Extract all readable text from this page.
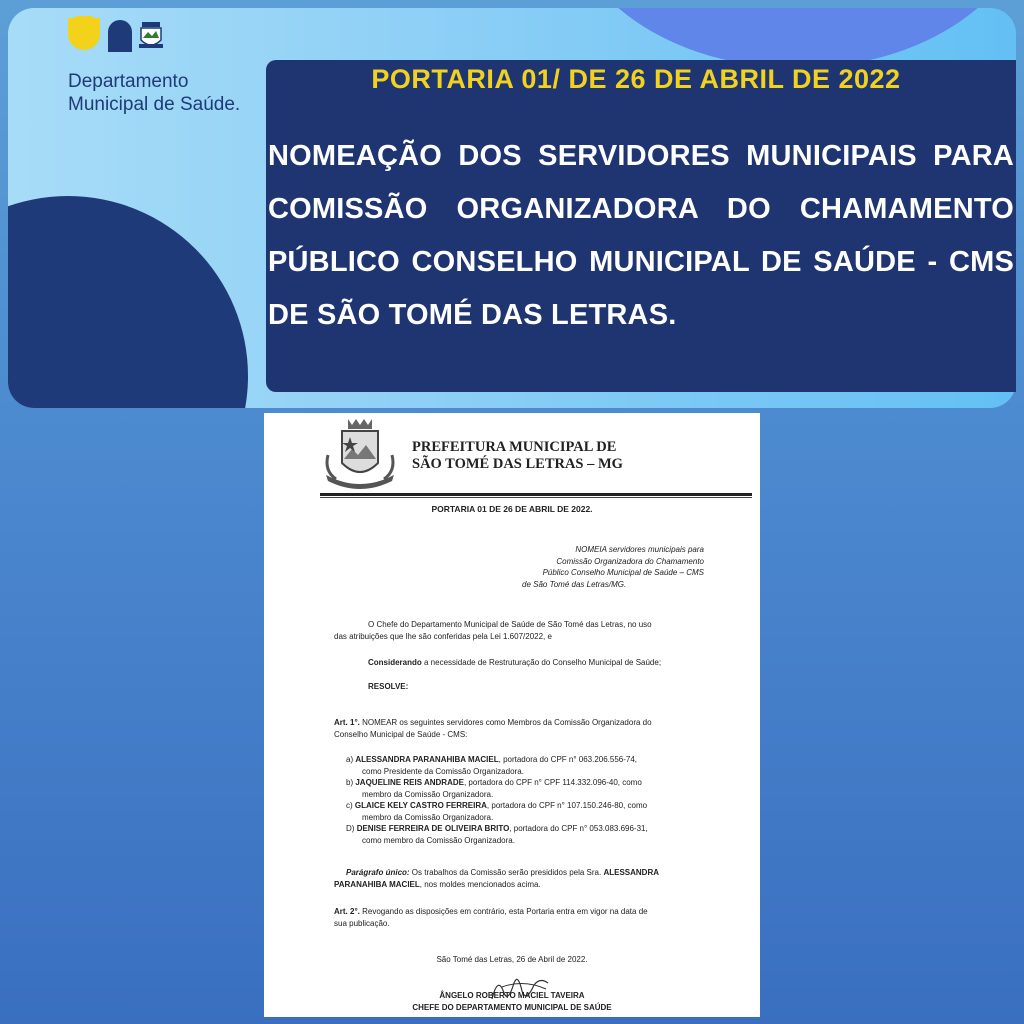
Departamento
Municipal de Saúde.
PORTARIA 01/ DE 26 DE ABRIL DE 2022
NOMEAÇÃO DOS SERVIDORES MUNICIPAIS PARA COMISSÃO ORGANIZADORA DO CHAMAMENTO PÚBLICO CONSELHO MUNICIPAL DE SAÚDE - CMS DE SÃO TOMÉ DAS LETRAS.
PREFEITURA MUNICIPAL DE
SÃO TOMÉ DAS LETRAS – MG
PORTARIA 01 DE 26 DE ABRIL DE 2022.
NOMEIA servidores municipais para
Comissão Organizadora do Chamamento
Público Conselho Municipal de Saúde – CMS
de São Tomé das Letras/MG.
O Chefe do Departamento Municipal de Saúde de São Tomé das Letras, no uso
das atribuições que lhe são conferidas pela Lei 1.607/2022, e
Considerando a necessidade de Restruturação do Conselho Municipal de Saúde;
RESOLVE:
Art. 1°. NOMEAR os seguintes servidores como Membros da Comissão Organizadora do
Conselho Municipal de Saúde - CMS:
a) ALESSANDRA PARANAHIBA MACIEL, portadora do CPF n° 063.206.556-74,
como Presidente da Comissão Organizadora.
b) JAQUELINE REIS ANDRADE, portadora do CPF n° CPF 114.332.096-40, como
membro da Comissão Organizadora.
c) GLAICE KELY CASTRO FERREIRA, portadora do CPF n° 107.150.246-80, como
membro da Comissão Organizadora.
D) DENISE FERREIRA DE OLIVEIRA BRITO, portadora do CPF n° 053.083.696-31,
como membro da Comissão Organizadora.
Parágrafo único: Os trabalhos da Comissão serão presididos pela Sra. ALESSANDRA
PARANAHIBA MACIEL, nos moldes mencionados acima.
Art. 2°. Revogando as disposições em contrário, esta Portaria entra em vigor na data de
sua publicação.
São Tomé das Letras, 26 de Abril de 2022.
ÂNGELO ROBERTO MACIEL TAVEIRA
CHEFE DO DEPARTAMENTO MUNICIPAL DE SAÚDE
